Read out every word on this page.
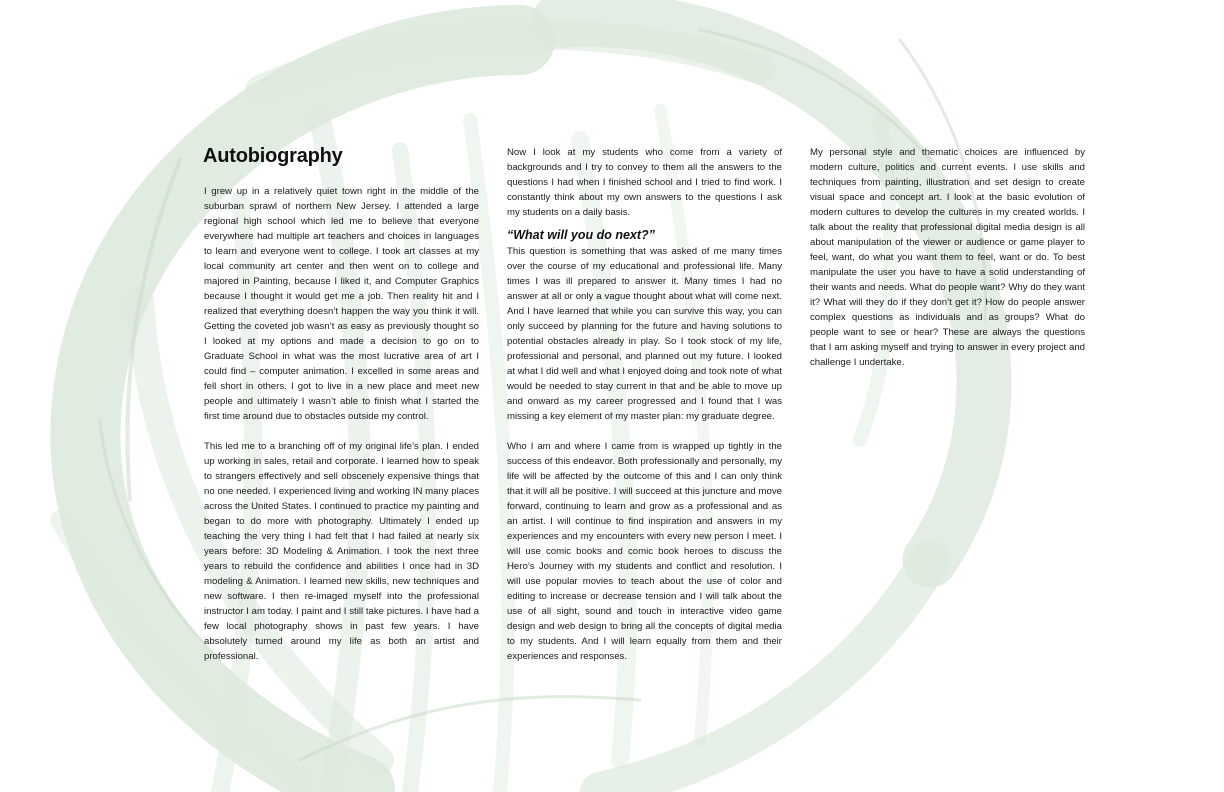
Autobiography

I grew up in a relatively quiet town right in the middle of the suburban sprawl of northern New Jersey. I attended a large regional high school which led me to believe that everyone everywhere had multiple art teachers and choices in languages to learn and everyone went to college. I took art classes at my local community art center and then went on to college and majored in Painting, because I liked it, and Computer Graphics because I thought it would get me a job. Then reality hit and I realized that everything doesn’t happen the way you think it will. Getting the coveted job wasn’t as easy as previously thought so I looked at my options and made a decision to go on to Graduate School in what was the most lucrative area of art I could find – computer animation. I excelled in some areas and fell short in others. I got to live in a new place and meet new people and ultimately I wasn’t able to finish what I started the first time around due to obstacles outside my control.

This led me to a branching off of my original life’s plan. I ended up working in sales, retail and corporate. I learned how to speak to strangers effectively and sell obscenely expensive things that no one needed. I experienced living and working IN many places across the United States. I continued to practice my painting and began to do more with photography. Ultimately I ended up teaching the very thing I had felt that I had failed at nearly six years before: 3D Modeling & Animation. I took the next three years to rebuild the confidence and abilities I once had in 3D modeling & Animation. I learned new skills, new techniques and new software. I then re-imaged myself into the professional instructor I am today. I paint and I still take pictures. I have had a few local photography shows in past few years. I have absolutely turned around my life as both an artist and professional.

Now I look at my students who come from a variety of backgrounds and I try to convey to them all the answers to the questions I had when I finished school and I tried to find work. I constantly think about my own answers to the questions I ask my students on a daily basis.

“What will you do next?”

This question is something that was asked of me many times over the course of my educational and professional life. Many times I was ill prepared to answer it. Many times I had no answer at all or only a vague thought about what will come next. And I have learned that while you can survive this way, you can only succeed by planning for the future and having solutions to potential obstacles already in play. So I took stock of my life, professional and personal, and planned out my future. I looked at what I did well and what I enjoyed doing and took note of what would be needed to stay current in that and be able to move up and onward as my career progressed and I found that I was missing a key element of my master plan: my graduate degree.

Who I am and where I came from is wrapped up tightly in the success of this endeavor. Both professionally and personally, my life will be affected by the outcome of this and I can only think that it will all be positive. I will succeed at this juncture and move forward, continuing to learn and grow as a professional and as an artist. I will continue to find inspiration and answers in my experiences and my encounters with every new person I meet. I will use comic books and comic book heroes to discuss the Hero’s Journey with my students and conflict and resolution. I will use popular movies to teach about the use of color and editing to increase or decrease tension and I will talk about the use of all sight, sound and touch in interactive video game design and web design to bring all the concepts of digital media to my students. And I will learn equally from them and their experiences and responses.

My personal style and thematic choices are influenced by modern culture, politics and current events. I use skills and techniques from painting, illustration and set design to create visual space and concept art. I look at the basic evolution of modern cultures to develop the cultures in my created worlds. I talk about the reality that professional digital media design is all about manipulation of the viewer or audience or game player to feel, want, do what you want them to feel, want or do. To best manipulate the user you have to have a solid understanding of their wants and needs. What do people want? Why do they want it? What will they do if they don’t get it? How do people answer complex questions as individuals and as groups? What do people want to see or hear? These are always the questions that I am asking myself and trying to answer in every project and challenge I undertake.
